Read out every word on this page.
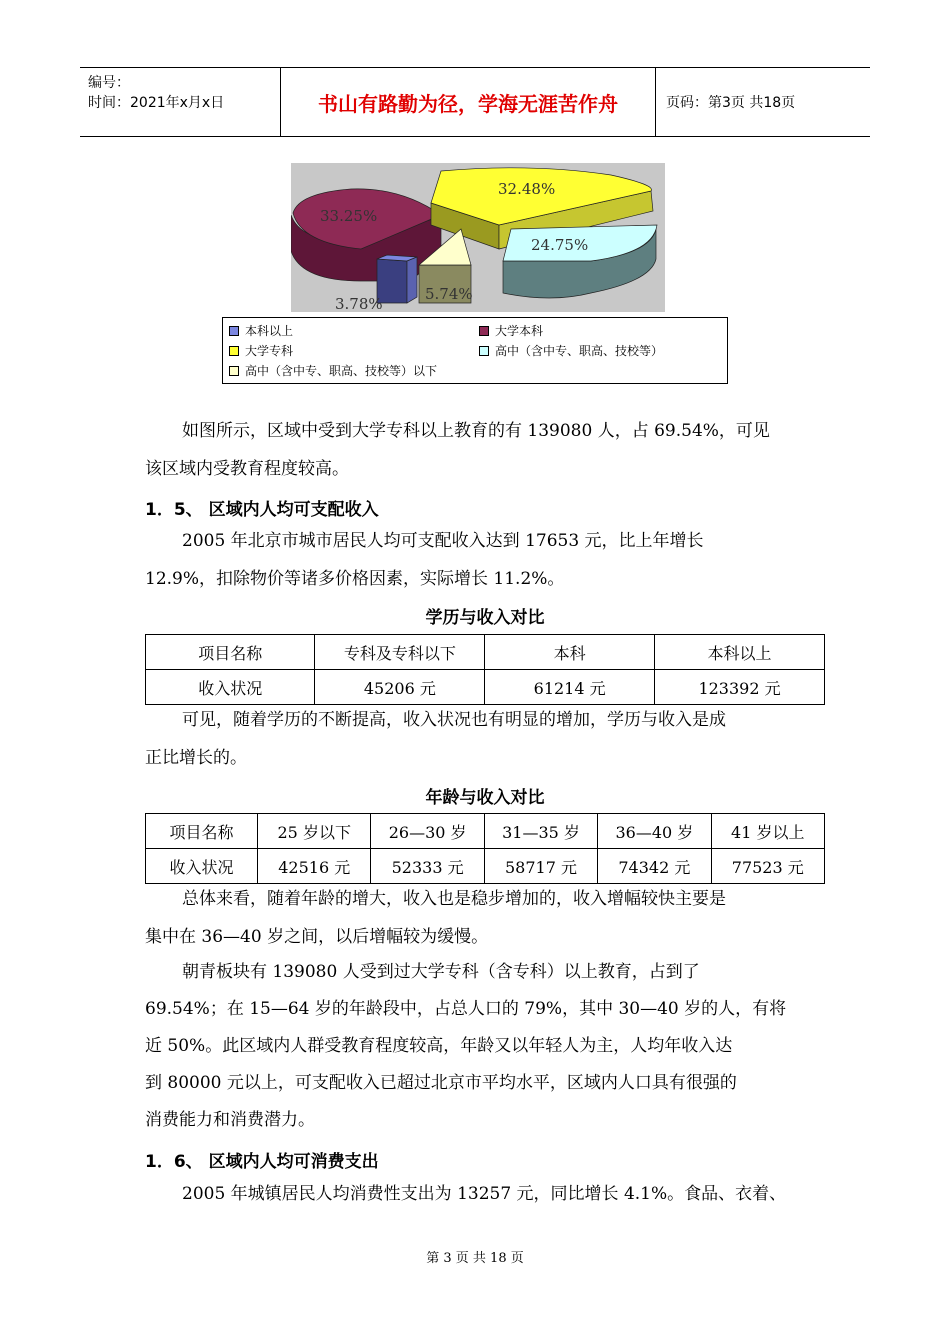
编号：
时间：2021年x月x日	书山有路勤为径，学海无涯苦作舟	页码：第3页 共18页
33.25%
32.48%
24.75%
5.74%
3.78%
本科以上	大学本科
大学专科	高中（含中专、职高、技校等）
高中（含中专、职高、技校等）以下

如图所示，区域中受到大学专科以上教育的有 139080 人，占 69.54%，可见

该区域内受教育程度较高。

1．5、 区域内人均可支配收入

2005 年北京市城市居民人均可支配收入达到 17653 元，比上年增长

12.9%，扣除物价等诸多价格因素，实际增长 11.2%。

学历与收入对比
项目名称	专科及专科以下	本科	本科以上
收入状况	45206 元	61214 元	123392 元

可见，随着学历的不断提高，收入状况也有明显的增加，学历与收入是成

正比增长的。

年龄与收入对比
项目名称	25 岁以下	26—30 岁	31—35 岁	36—40 岁	41 岁以上
收入状况	42516 元	52333 元	58717 元	74342 元	77523 元

总体来看，随着年龄的增大，收入也是稳步增加的，收入增幅较快主要是

集中在 36—40 岁之间，以后增幅较为缓慢。

朝青板块有 139080 人受到过大学专科（含专科）以上教育，占到了

69.54%；在 15—64 岁的年龄段中，占总人口的 79%，其中 30—40 岁的人，有将

近 50%。此区域内人群受教育程度较高，年龄又以年轻人为主，人均年收入达

到 80000 元以上，可支配收入已超过北京市平均水平，区域内人口具有很强的

消费能力和消费潜力。

1．6、 区域内人均可消费支出

2005 年城镇居民人均消费性支出为 13257 元，同比增长 4.1%。食品、衣着、

第 3 页 共 18 页
